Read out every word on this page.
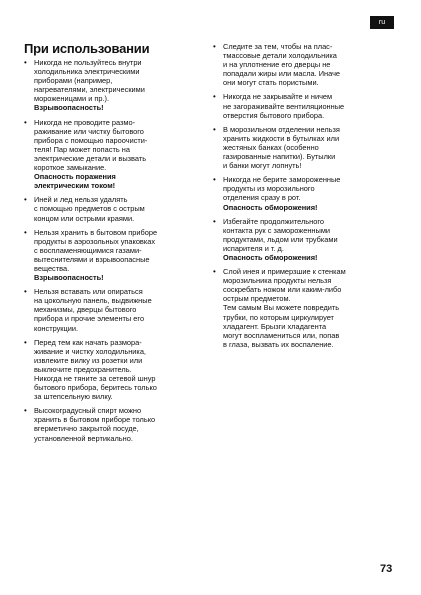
ru
При использовании
• Никогда не пользуйтесь внутри
холодильника электрическими
приборами (например,
нагревателями, электрическими
мороженицами и пр.).
Взрывоопасность!
• Никогда не проводите размо-
раживание или чистку бытового
прибора с помощью пароочисти-
теля! Пар может попасть на
электрические детали и вызвать
короткое замыкание.
Опасность поражения
электрическим током!
• Иней и лед нельзя удалять
с помощью предметов с острым
концом или острыми краями.
• Нельзя хранить в бытовом приборе
продукты в аэрозольных упаковках
с воспламеняющимися газами-
вытеснителями и взрывоопасные
вещества.
Взрывоопасность!
• Нельзя вставать или опираться
на цокольную панель, выдвижные
механизмы, дверцы бытового
прибора и прочие элементы его
конструкции.
• Перед тем как начать размора-
живание и чистку холодильника,
извлеките вилку из розетки или
выключите предохранитель.
Никогда не тяните за сетевой шнур
бытового прибора, беритесь только
за штепсельную вилку.
• Высокоградусный спирт можно
хранить в бытовом приборе только
вгерметично закрытой посуде,
установленной вертикально.
• Следите за тем, чтобы на плас-
тмассовые детали холодильника
и на уплотнение его дверцы не
попадали жиры или масла. Иначе
они могут стать пористыми.
• Никогда не закрывайте и ничем
не загораживайте вентиляционные
отверстия бытового прибора.
• В морозильном отделении нельзя
хранить жидкости в бутылках или
жестяных банках (особенно
газированные напитки). Бутылки
и банки могут лопнуть!
• Никогда не берите замороженные
продукты из морозильного
отделения сразу в рот.
Опасность обморожения!
• Избегайте продолжительного
контакта рук с замороженными
продуктами, льдом или трубками
испарителя и т. д.
Опасность обморожения!
• Слой инея и примерзшие к стенкам
морозильника продукты нельзя
соскребать ножом или каким-либо
острым предметом.
Тем самым Вы можете повредить
трубки, по которым циркулирует
хладагент. Брызги хладагента
могут воспламениться или, попав
в глаза, вызвать их воспаление.
73
